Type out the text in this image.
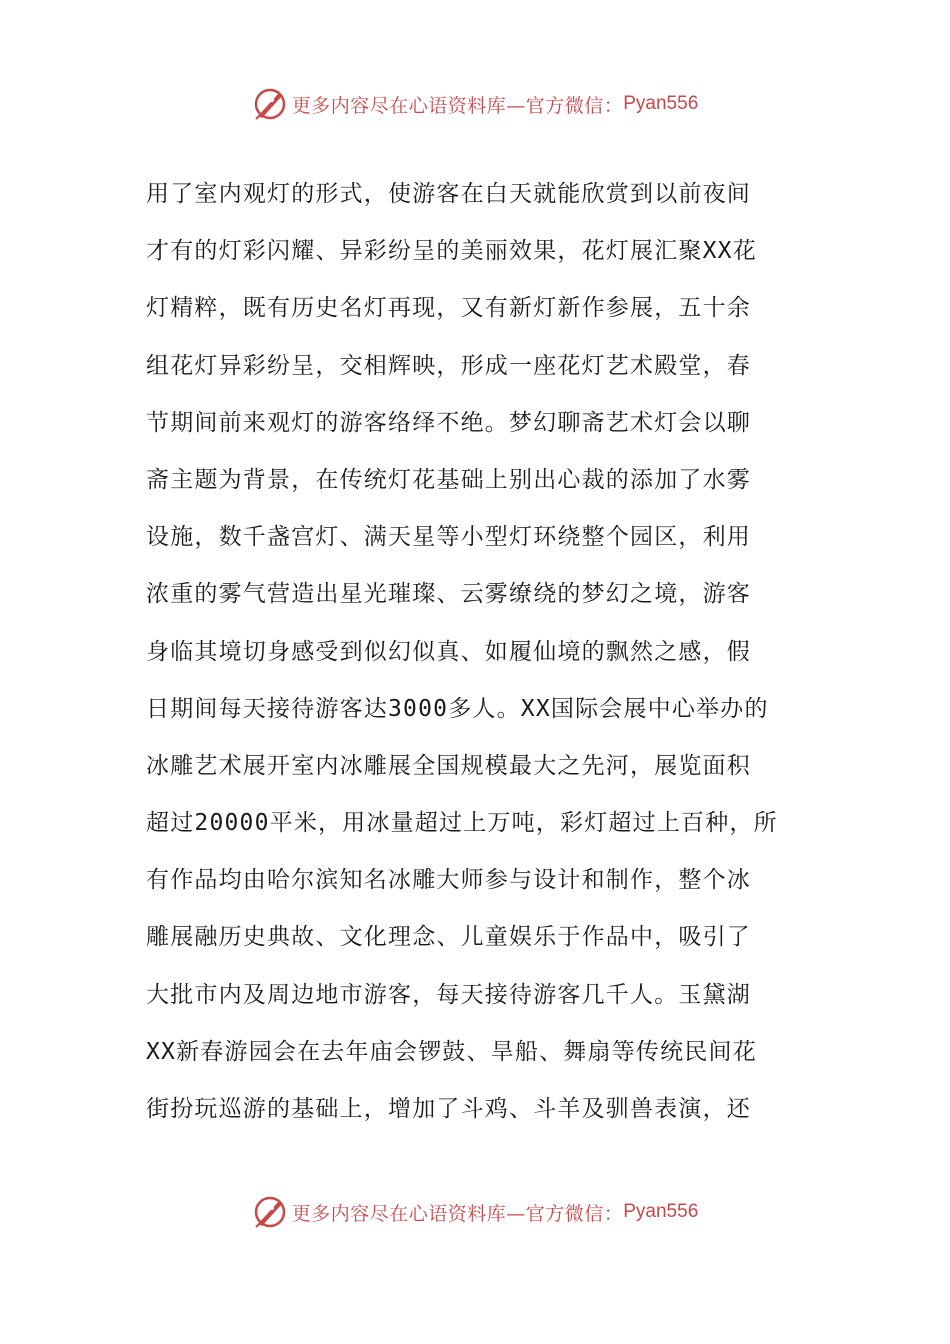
更多内容尽在心语资料库—官方微信： Pyan556
用了室内观灯的形式，使游客在白天就能欣赏到以前夜间
才有的灯彩闪耀、异彩纷呈的美丽效果，花灯展汇聚XX花
灯精粹，既有历史名灯再现，又有新灯新作参展，五十余
组花灯异彩纷呈，交相辉映，形成一座花灯艺术殿堂，春
节期间前来观灯的游客络绎不绝。梦幻聊斋艺术灯会以聊
斋主题为背景，在传统灯花基础上别出心裁的添加了水雾
设施，数千盏宫灯、满天星等小型灯环绕整个园区，利用
浓重的雾气营造出星光璀璨、云雾缭绕的梦幻之境，游客
身临其境切身感受到似幻似真、如履仙境的飘然之感，假
日期间每天接待游客达3000多人。XX国际会展中心举办的
冰雕艺术展开室内冰雕展全国规模最大之先河，展览面积
超过20000平米，用冰量超过上万吨，彩灯超过上百种，所
有作品均由哈尔滨知名冰雕大师参与设计和制作，整个冰
雕展融历史典故、文化理念、儿童娱乐于作品中，吸引了
大批市内及周边地市游客，每天接待游客几千人。玉黛湖
XX新春游园会在去年庙会锣鼓、旱船、舞扇等传统民间花
街扮玩巡游的基础上，增加了斗鸡、斗羊及驯兽表演，还
更多内容尽在心语资料库—官方微信： Pyan556
